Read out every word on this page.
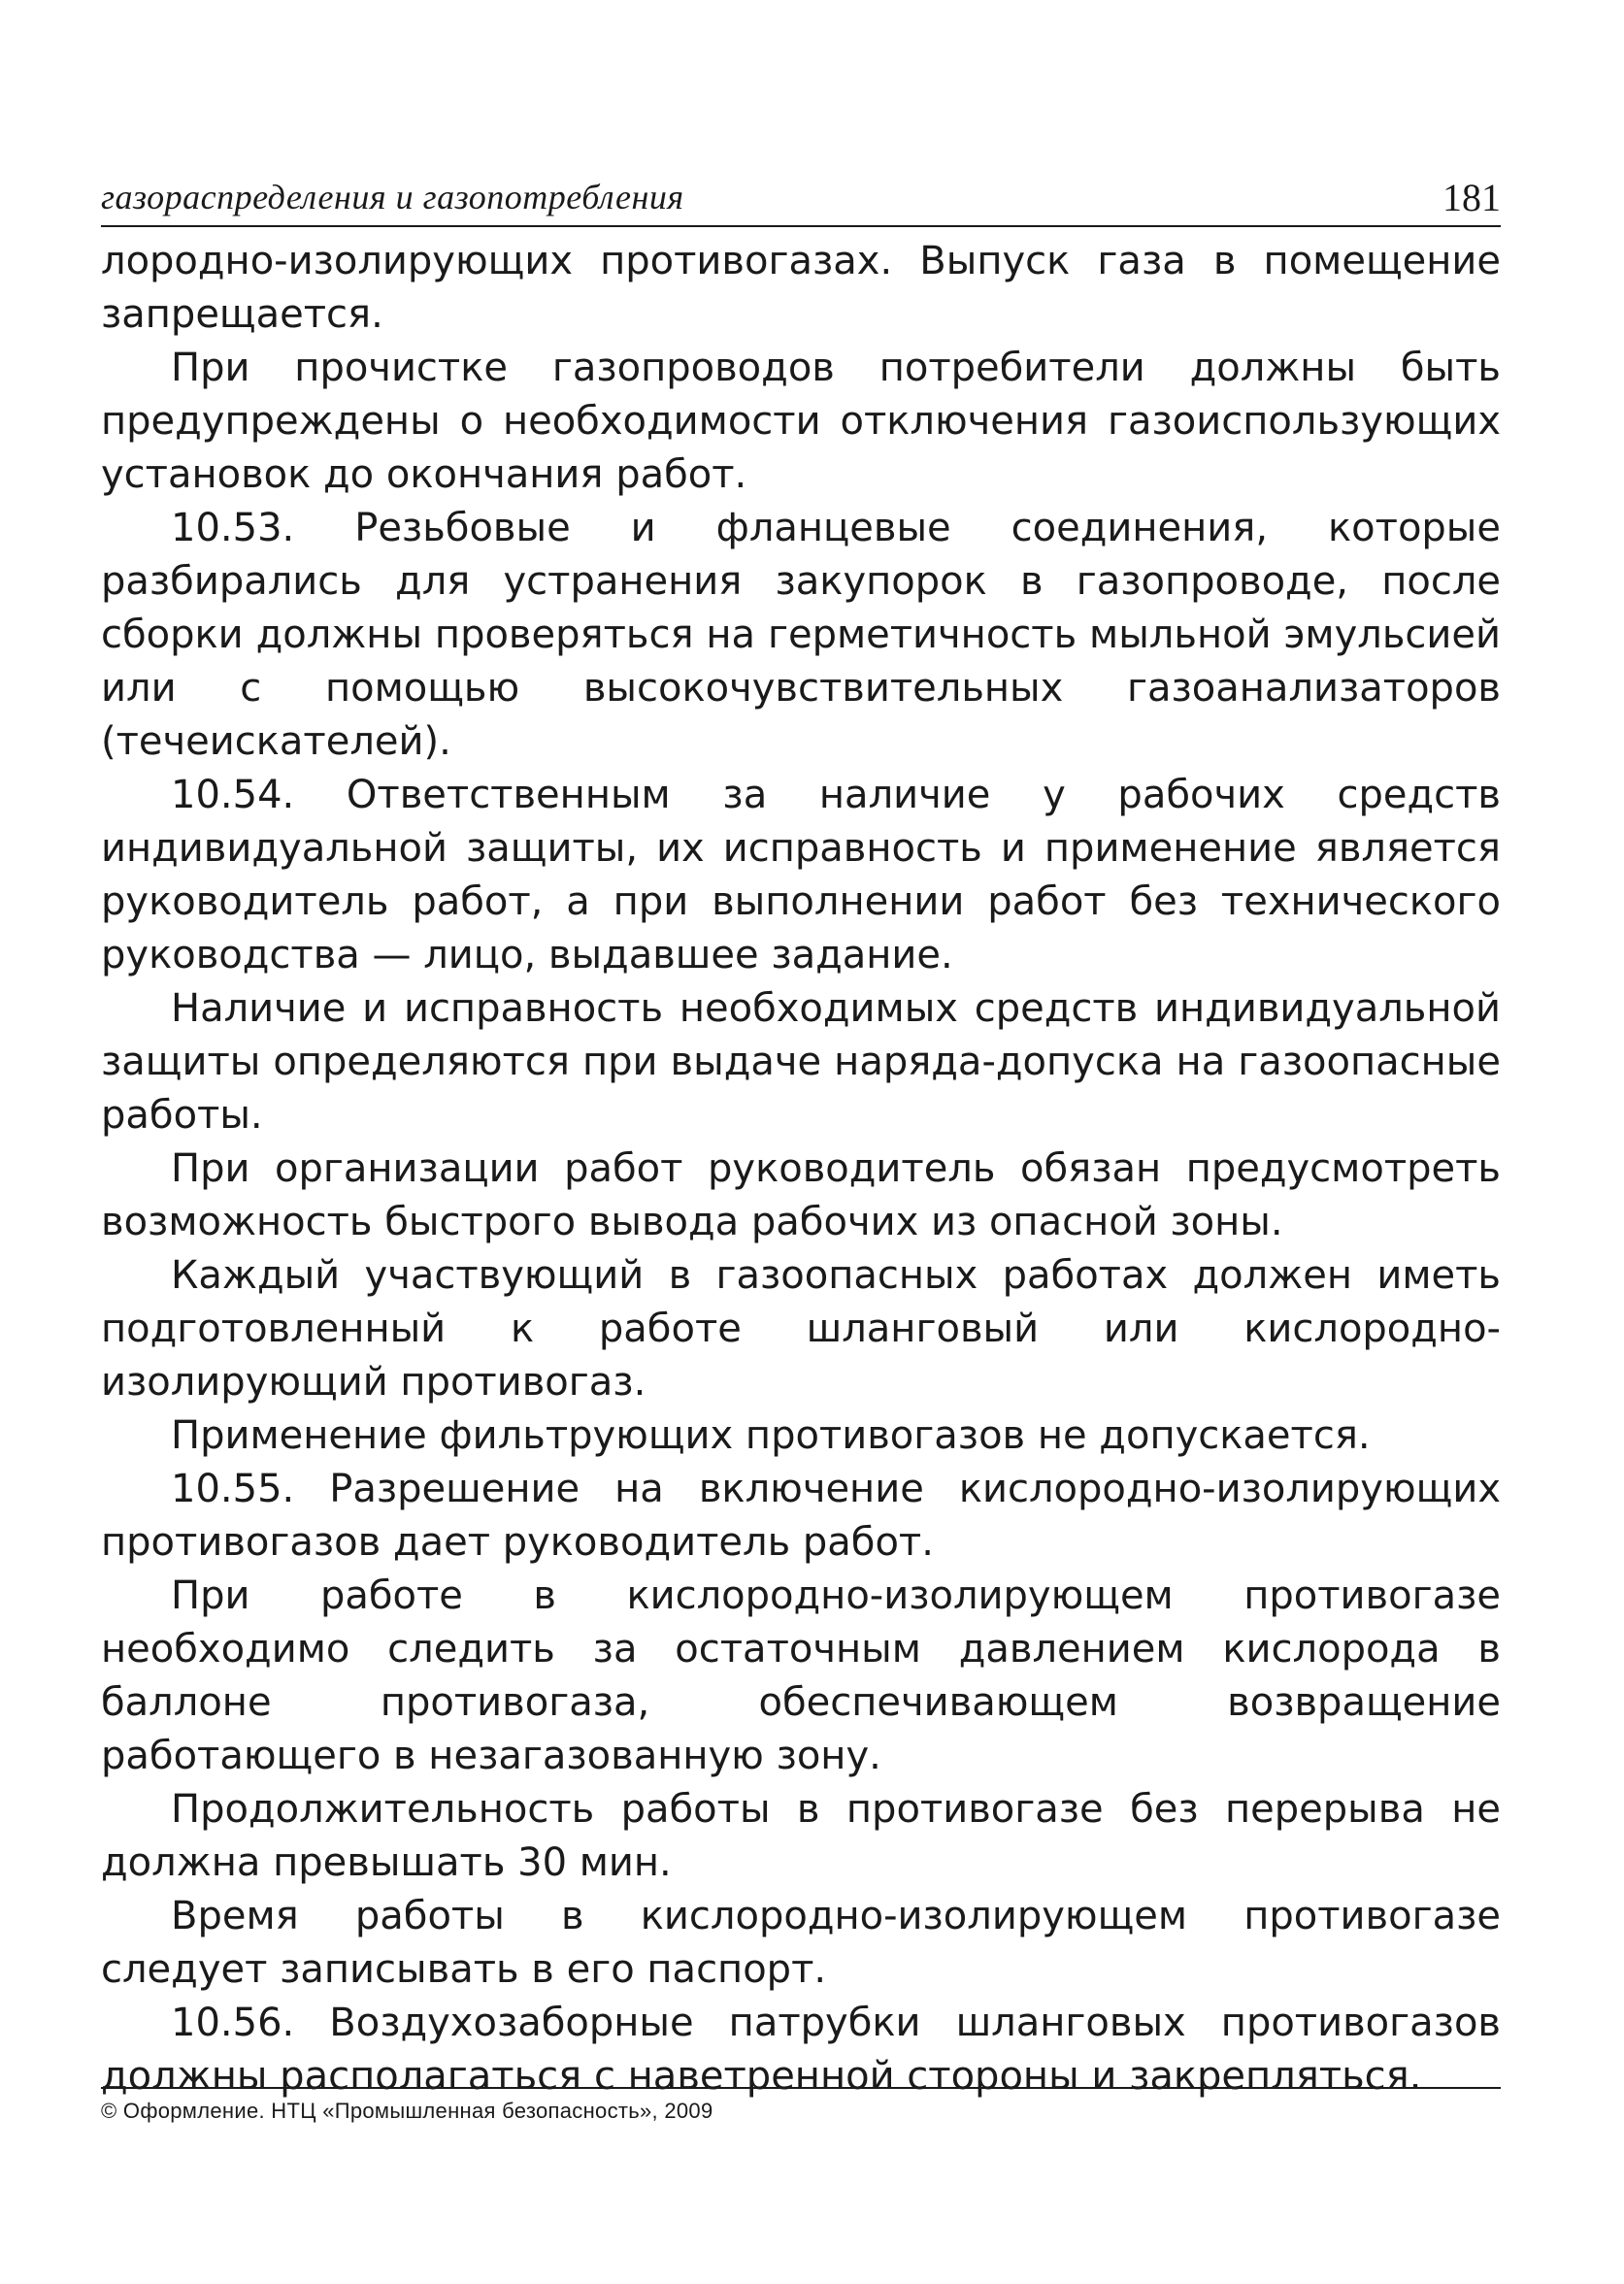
газораспределения и газопотребления	181

лородно-изолирующих противогазах. Выпуск газа в помещение запрещается.

При прочистке газопроводов потребители должны быть предупреждены о необходимости отключения газоиспользующих установок до окончания работ.

10.53. Резьбовые и фланцевые соединения, которые разбирались для устранения закупорок в газопроводе, после сборки должны проверяться на герметичность мыльной эмульсией или с помощью высокочувствительных газоанализаторов (течеискателей).

10.54. Ответственным за наличие у рабочих средств индивидуальной защиты, их исправность и применение является руководитель работ, а при выполнении работ без технического руководства — лицо, выдавшее задание.

Наличие и исправность необходимых средств индивидуальной защиты определяются при выдаче наряда-допуска на газоопасные работы.

При организации работ руководитель обязан предусмотреть возможность быстрого вывода рабочих из опасной зоны.

Каждый участвующий в газоопасных работах должен иметь подготовленный к работе шланговый или кислородно-изолирующий противогаз.

Применение фильтрующих противогазов не допускается.

10.55. Разрешение на включение кислородно-изолирующих противогазов дает руководитель работ.

При работе в кислородно-изолирующем противогазе необходимо следить за остаточным давлением кислорода в баллоне противогаза, обеспечивающем возвращение работающего в незагазованную зону.

Продолжительность работы в противогазе без перерыва не должна превышать 30 мин.

Время работы в кислородно-изолирующем противогазе следует записывать в его паспорт.

10.56. Воздухозаборные патрубки шланговых противогазов должны располагаться с наветренной стороны и закрепляться.

© Оформление. НТЦ «Промышленная безопасность», 2009
